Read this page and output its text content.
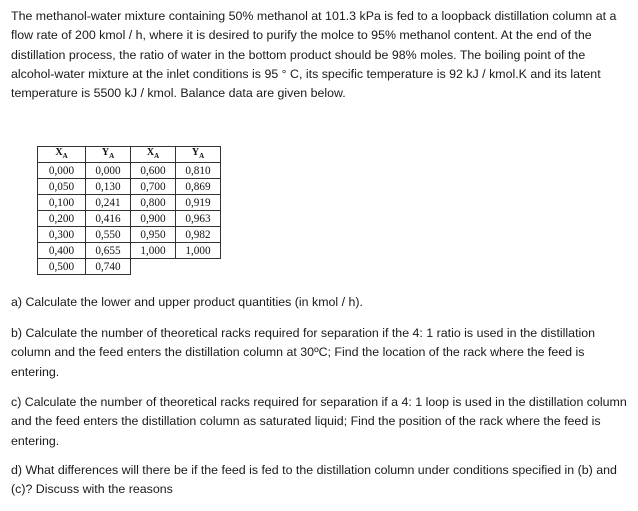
The methanol-water mixture containing 50% methanol at 101.3 kPa is fed to a loopback distillation column at a flow rate of 200 kmol / h, where it is desired to purify the molce to 95% methanol content. At the end of the distillation process, the ratio of water in the bottom product should be 98% moles. The boiling point of the alcohol-water mixture at the inlet conditions is 95 ° C, its specific temperature is 92 kJ / kmol.K and its latent temperature is 5500 kJ / kmol. Balance data are given below.

$X_A$	$Y_A$	$X_A$	$Y_A$
0,000	0,000	0,600	0,810
0,050	0,130	0,700	0,869
0,100	0,241	0,800	0,919
0,200	0,416	0,900	0,963
0,300	0,550	0,950	0,982
0,400	0,655	1,000	1,000
0,500	0,740		

a) Calculate the lower and upper product quantities (in kmol / h).

b) Calculate the number of theoretical racks required for separation if the 4: 1 ratio is used in the distillation column and the feed enters the distillation column at 30ºC; Find the location of the rack where the feed is entering.

c) Calculate the number of theoretical racks required for separation if a 4: 1 loop is used in the distillation column and the feed enters the distillation column as saturated liquid; Find the position of the rack where the feed is entering.

d) What differences will there be if the feed is fed to the distillation column under conditions specified in (b) and (c)? Discuss with the reasons
